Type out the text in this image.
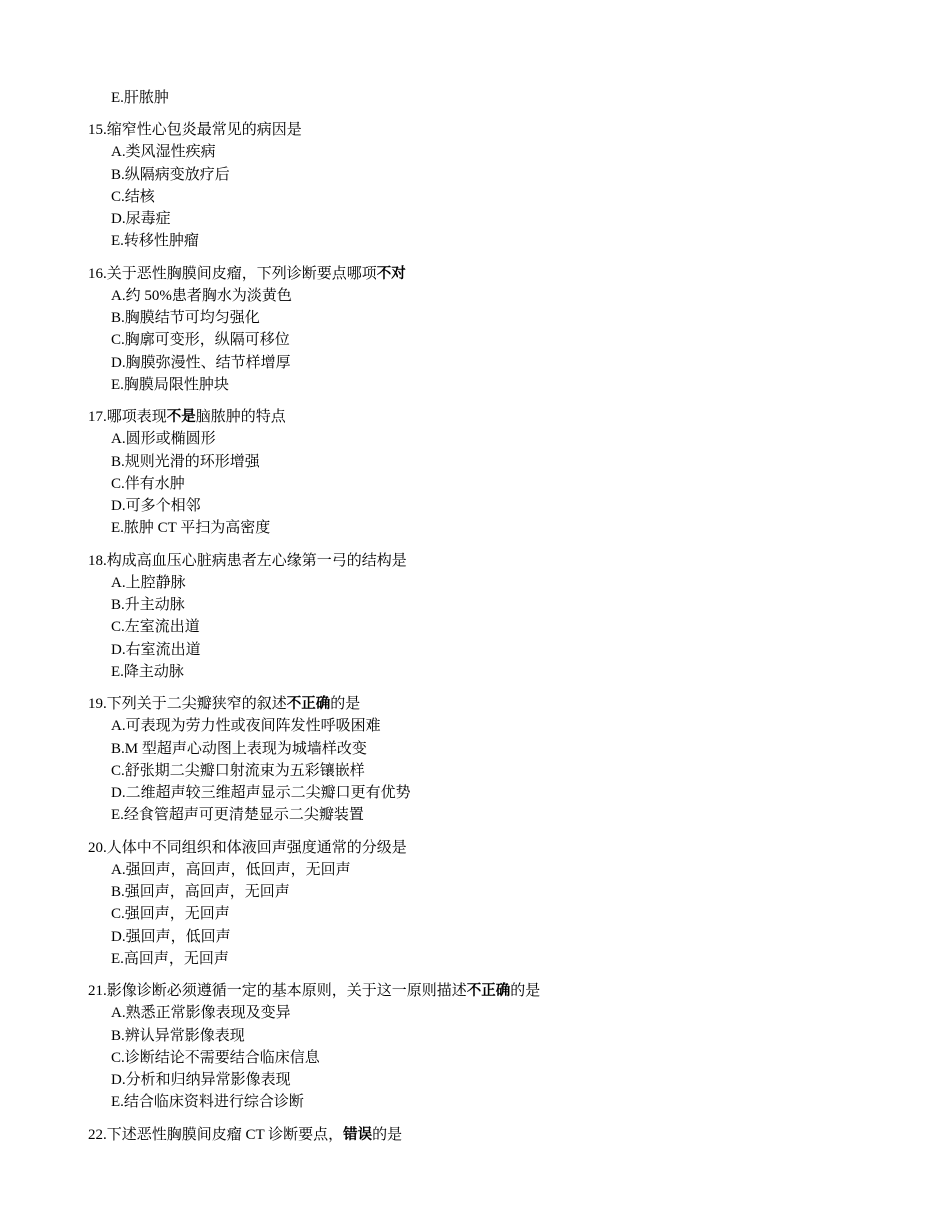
E.肝脓肿
15.缩窄性心包炎最常见的病因是
A.类风湿性疾病
B.纵隔病变放疗后
C.结核
D.尿毒症
E.转移性肿瘤
16.关于恶性胸膜间皮瘤，下列诊断要点哪项不对
A.约 50%患者胸水为淡黄色
B.胸膜结节可均匀强化
C.胸廓可变形，纵隔可移位
D.胸膜弥漫性、结节样增厚
E.胸膜局限性肿块
17.哪项表现不是脑脓肿的特点
A.圆形或椭圆形
B.规则光滑的环形增强
C.伴有水肿
D.可多个相邻
E.脓肿 CT 平扫为高密度
18.构成高血压心脏病患者左心缘第一弓的结构是
A.上腔静脉
B.升主动脉
C.左室流出道
D.右室流出道
E.降主动脉
19.下列关于二尖瓣狭窄的叙述不正确的是
A.可表现为劳力性或夜间阵发性呼吸困难
B.M 型超声心动图上表现为城墙样改变
C.舒张期二尖瓣口射流束为五彩镶嵌样
D.二维超声较三维超声显示二尖瓣口更有优势
E.经食管超声可更清楚显示二尖瓣装置
20.人体中不同组织和体液回声强度通常的分级是
A.强回声，高回声，低回声，无回声
B.强回声，高回声，无回声
C.强回声，无回声
D.强回声，低回声
E.高回声，无回声
21.影像诊断必须遵循一定的基本原则，关于这一原则描述不正确的是
A.熟悉正常影像表现及变异
B.辨认异常影像表现
C.诊断结论不需要结合临床信息
D.分析和归纳异常影像表现
E.结合临床资料进行综合诊断
22.下述恶性胸膜间皮瘤 CT 诊断要点，错误的是
